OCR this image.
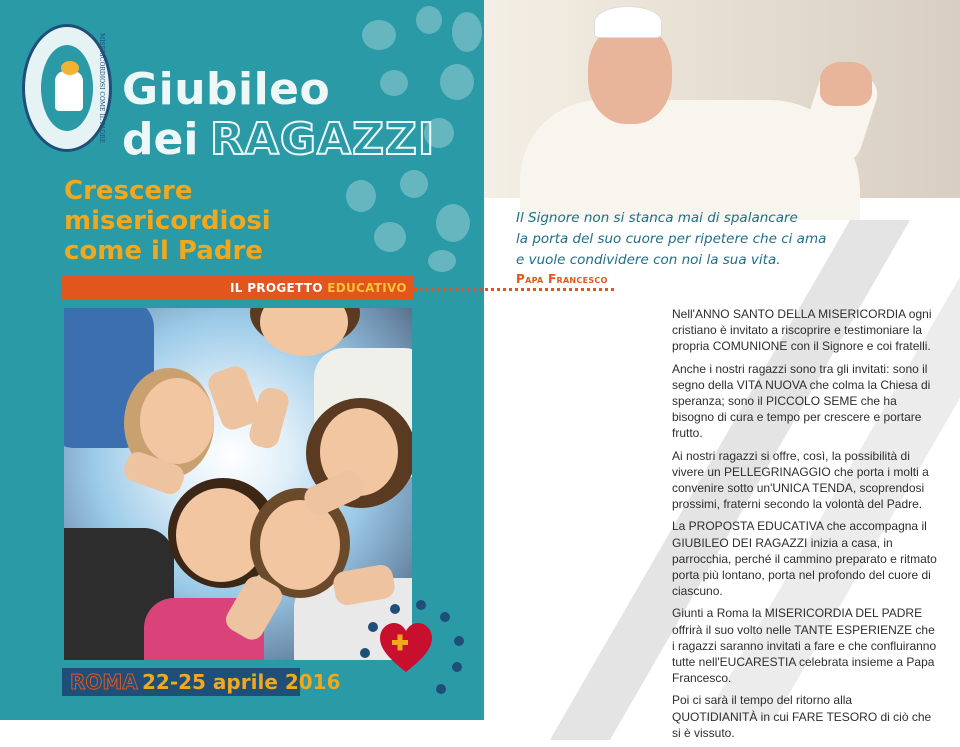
MISERICORDIOSI COME IL PADRE Giubileo
dei RAGAZZI
Crescere
misericordiosi
come il Padre
IL PROGETTO EDUCATIVO
ROMA 22-25 aprile 2016
Il Signore non si stanca mai di spalancare
la porta del suo cuore per ripetere che ci ama
e vuole condividere con noi la sua vita.
Papa Francesco

Nell'ANNO SANTO DELLA MISERICORDIA ogni cristiano è invitato a riscoprire e testimoniare la propria COMUNIONE con il Signore e coi fratelli.

Anche i nostri ragazzi sono tra gli invitati: sono il segno della VITA NUOVA che colma la Chiesa di speranza; sono il PICCOLO SEME che ha bisogno di cura e tempo per crescere e portare frutto.

Ai nostri ragazzi si offre, così, la possibilità di vivere un PELLEGRINAGGIO che porta i molti a convenire sotto un'UNICA TENDA, scoprendosi prossimi, fraterni secondo la volontà del Padre.

La PROPOSTA EDUCATIVA che accompagna il GIUBILEO DEI RAGAZZI inizia a casa, in parrocchia, perché il cammino preparato e ritmato porta più lontano, porta nel profondo del cuore di ciascuno.

Giunti a Roma la MISERICORDIA DEL PADRE offrirà il suo volto nelle TANTE ESPERIENZE che i ragazzi saranno invitati a fare e che confluiranno tutte nell'EUCARESTIA celebrata insieme a Papa Francesco.

Poi ci sarà il tempo del ritorno alla QUOTIDIANITÀ in cui FARE TESORO di ciò che si è vissuto.
